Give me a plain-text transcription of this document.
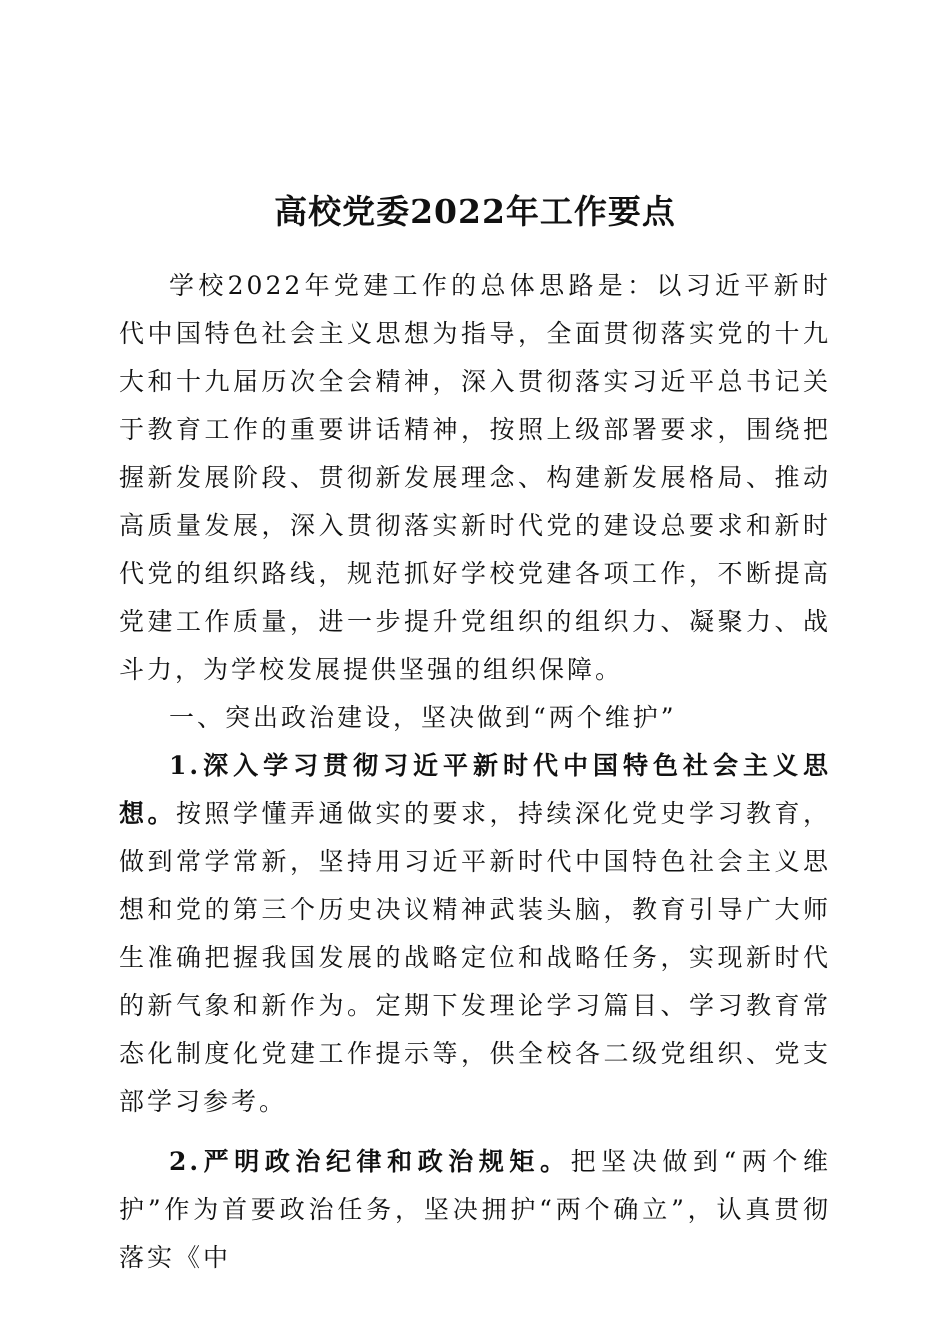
高校党委2022年工作要点

学校2022年党建工作的总体思路是：以习近平新时代中国特色社会主义思想为指导，全面贯彻落实党的十九大和十九届历次全会精神，深入贯彻落实习近平总书记关于教育工作的重要讲话精神，按照上级部署要求，围绕把握新发展阶段、贯彻新发展理念、构建新发展格局、推动高质量发展，深入贯彻落实新时代党的建设总要求和新时代党的组织路线，规范抓好学校党建各项工作，不断提高党建工作质量，进一步提升党组织的组织力、凝聚力、战斗力，为学校发展提供坚强的组织保障。

一、突出政治建设，坚决做到“两个维护”

1.深入学习贯彻习近平新时代中国特色社会主义思想。按照学懂弄通做实的要求，持续深化党史学习教育，做到常学常新，坚持用习近平新时代中国特色社会主义思想和党的第三个历史决议精神武装头脑，教育引导广大师生准确把握我国发展的战略定位和战略任务，实现新时代的新气象和新作为。定期下发理论学习篇目、学习教育常态化制度化党建工作提示等，供全校各二级党组织、党支部学习参考。

2.严明政治纪律和政治规矩。把坚决做到“两个维护”作为首要政治任务，坚决拥护“两个确立”，认真贯彻落实《中
